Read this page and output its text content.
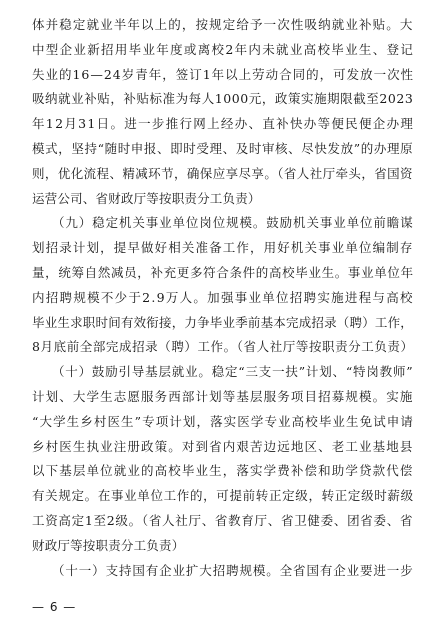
体并稳定就业半年以上的，按规定给予一次性吸纳就业补贴。大
中型企业新招用毕业年度或离校2年内未就业高校毕业生、登记
失业的16—24岁青年，签订1年以上劳动合同的，可发放一次性
吸纳就业补贴，补贴标准为每人1000元，政策实施期限截至2023
年12月31日。进一步推行网上经办、直补快办等便民便企办理
模式，坚持“随时申报、即时受理、及时审核、尽快发放”的办理原
则，优化流程、精减环节，确保应享尽享。（省人社厅牵头，省国资
运营公司、省财政厅等按职责分工负责）
（九）稳定机关事业单位岗位规模。鼓励机关事业单位前瞻谋
划招录计划，提早做好相关准备工作，用好机关事业单位编制存
量，统筹自然减员，补充更多符合条件的高校毕业生。事业单位年
内招聘规模不少于2.9万人。加强事业单位招聘实施进程与高校
毕业生求职时间有效衔接，力争毕业季前基本完成招录（聘）工作，
8月底前全部完成招录（聘）工作。（省人社厅等按职责分工负责）
（十）鼓励引导基层就业。稳定“三支一扶”计划、“特岗教师”
计划、大学生志愿服务西部计划等基层服务项目招募规模。实施
“大学生乡村医生”专项计划，落实医学专业高校毕业生免试申请
乡村医生执业注册政策。对到省内艰苦边远地区、老工业基地县
以下基层单位就业的高校毕业生，落实学费补偿和助学贷款代偿
有关规定。在事业单位工作的，可提前转正定级，转正定级时薪级
工资高定1至2级。（省人社厅、省教育厅、省卫健委、团省委、省
财政厅等按职责分工负责）
（十一）支持国有企业扩大招聘规模。全省国有企业要进一步
— 6 —
